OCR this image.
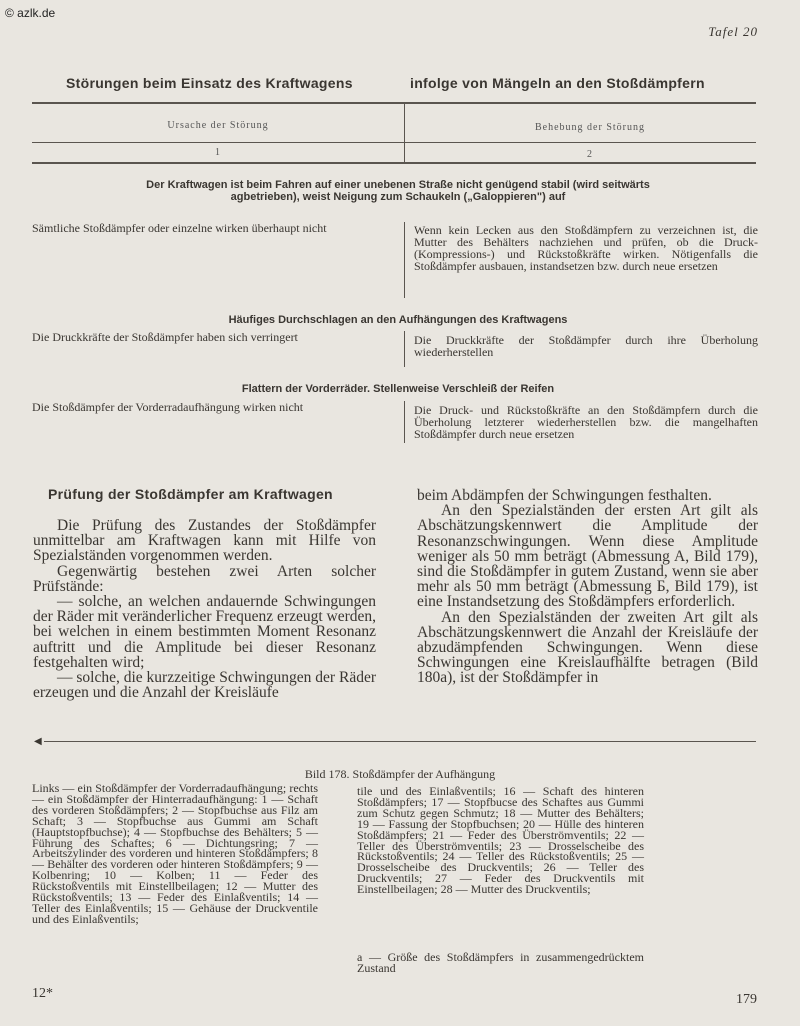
© azlk.de
Tafel 20
Störungen beim Einsatz des Kraftwagens	infolge von Mängeln an den Stoßdämpfern
Ursache der Störung	Behebung der Störung
1	2
Der Kraftwagen ist beim Fahren auf einer unebenen Straße nicht genügend stabil (wird seitwärts agbetrieben), weist Neigung zum Schaukeln („Galoppieren") auf
Sämtliche Stoßdämpfer oder einzelne wirken überhaupt nicht	Wenn kein Lecken aus den Stoßdämpfern zu verzeichnen ist, die Mutter des Behälters nachziehen und prüfen, ob die Druck- (Kompressions-) und Rückstoßkräfte wirken. Nötigenfalls die Stoßdämpfer ausbauen, instandsetzen bzw. durch neue ersetzen
Häufiges Durchschlagen an den Aufhängungen des Kraftwagens
Die Druckkräfte der Stoßdämpfer haben sich verringert	Die Druckkräfte der Stoßdämpfer durch ihre Überholung wiederherstellen
Flattern der Vorderräder. Stellenweise Verschleiß der Reifen
Die Stoßdämpfer der Vorderradaufhängung wirken nicht	Die Druck- und Rückstoßkräfte an den Stoßdämpfern durch die Überholung letzterer wiederherstellen bzw. die mangelhaften Stoßdämpfer durch neue ersetzen
Prüfung der Stoßdämpfer am Kraftwagen

Die Prüfung des Zustandes der Stoßdämpfer unmittelbar am Kraftwagen kann mit Hilfe von Spezialständen vorgenommen werden.

Gegenwärtig bestehen zwei Arten solcher Prüfstände:

— solche, an welchen andauernde Schwingungen der Räder mit veränderlicher Frequenz erzeugt werden, bei welchen in einem bestimmten Moment Resonanz auftritt und die Amplitude bei dieser Resonanz festgehalten wird;

— solche, die kurzzeitige Schwingungen der Räder erzeugen und die Anzahl der Kreisläufe

beim Abdämpfen der Schwingungen festhalten.

An den Spezialständen der ersten Art gilt als Abschätzungskennwert die Amplitude der Resonanzschwingungen. Wenn diese Amplitude weniger als 50 mm beträgt (Abmessung A, Bild 179), sind die Stoßdämpfer in gutem Zustand, wenn sie aber mehr als 50 mm beträgt (Abmessung Б, Bild 179), ist eine Instandsetzung des Stoßdämpfers erforderlich.

An den Spezialständen der zweiten Art gilt als Abschätzungskennwert die Anzahl der Kreisläufe der abzudämpfenden Schwingungen. Wenn diese Schwingungen eine Kreislaufhälfte betragen (Bild 180a), ist der Stoßdämpfer in

◀
Bild 178. Stoßdämpfer der Aufhängung
Links — ein Stoßdämpfer der Vorderradaufhängung; rechts — ein Stoßdämpfer der Hinterradaufhängung: 1 — Schaft des vorderen Stoßdämpfers; 2 — Stopfbuchse aus Filz am Schaft; 3 — Stopfbuchse aus Gummi am Schaft (Hauptstopfbuchse); 4 — Stopfbuchse des Behälters; 5 — Führung des Schaftes; 6 — Dichtungsring; 7 — Arbeitszylinder des vorderen und hinteren Stoßdämpfers; 8 — Behälter des vorderen oder hinteren Stoßdämpfers; 9 — Kolbenring; 10 — Kolben; 11 — Feder des Rückstoßventils mit Einstellbeilagen; 12 — Mutter des Rückstoßventils; 13 — Feder des Einlaßventils; 14 — Teller des Einlaßventils; 15 — Gehäuse der Druckventile und des Einlaßventils;
tile und des Einlaßventils; 16 — Schaft des hinteren Stoßdämpfers; 17 — Stopfbucse des Schaftes aus Gummi zum Schutz gegen Schmutz; 18 — Mutter des Behälters; 19 — Fassung der Stopfbuchsen; 20 — Hülle des hinteren Stoßdämpfers; 21 — Feder des Überströmventils; 22 — Teller des Überströmventils; 23 — Drosselscheibe des Rückstoßventils; 24 — Teller des Rückstoßventils; 25 — Drosselscheibe des Druckventils; 26 — Teller des Druckventils; 27 — Feder des Druckventils mit Einstellbeilagen; 28 — Mutter des Druckventils;
a — Größe des Stoßdämpfers in zusammengedrücktem Zustand
12*	179
